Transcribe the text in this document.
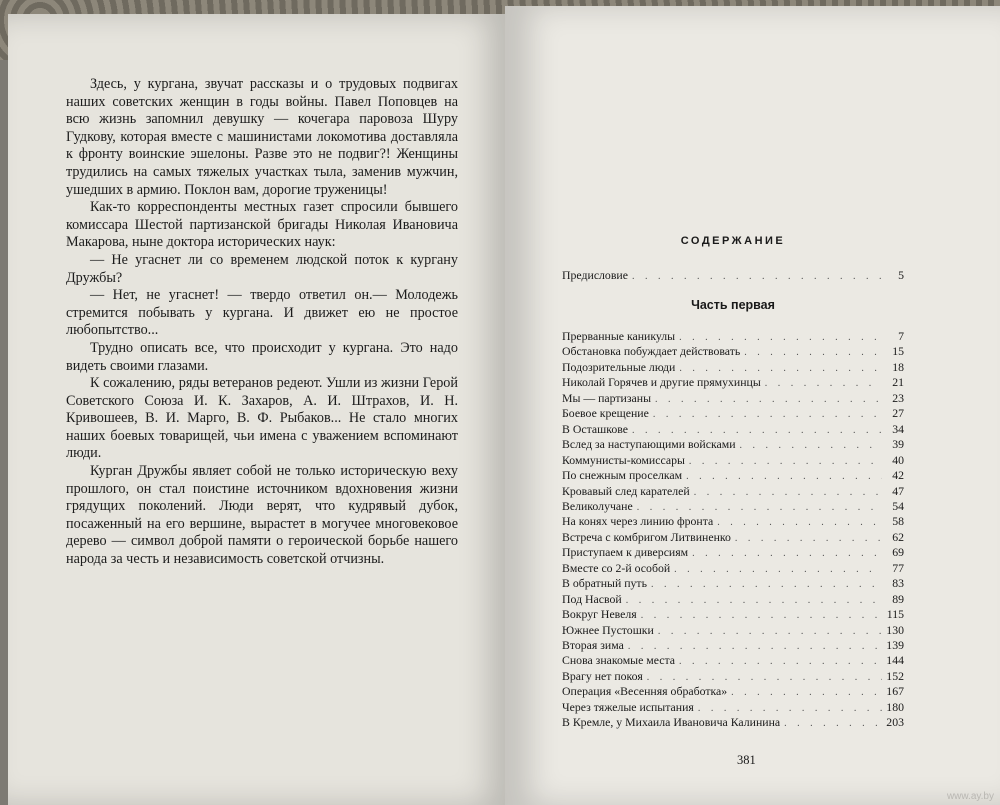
Здесь, у кургана, звучат рассказы и о трудовых подвигах наших советских женщин в годы войны. Павел Поповцев на всю жизнь запомнил девушку — кочегара паровоза Шуру Гудкову, которая вместе с машинистами локомотива доставляла к фронту воинские эшелоны. Разве это не подвиг?! Женщины трудились на самых тяжелых участках тыла, заменив мужчин, ушедших в армию. Поклон вам, дорогие труженицы!

Как-то корреспонденты местных газет спросили бывшего комиссара Шестой партизанской бригады Николая Ивановича Макарова, ныне доктора исторических наук:

— Не угаснет ли со временем людской поток к кургану Дружбы?

— Нет, не угаснет! — твердо ответил он.— Молодежь стремится побывать у кургана. И движет ею не простое любопытство...

Трудно описать все, что происходит у кургана. Это надо видеть своими глазами.

К сожалению, ряды ветеранов редеют. Ушли из жизни Герой Советского Союза И. К. Захаров, А. И. Штрахов, И. Н. Кривошеев, В. И. Марго, В. Ф. Рыбаков... Не стало многих наших боевых товарищей, чьи имена с уважением вспоминают люди.

Курган Дружбы являет собой не только историческую веху прошлого, он стал поистине источником вдохновения жизни грядущих поколений. Люди верят, что кудрявый дубок, посаженный на его вершине, вырастет в могучее многовековое дерево — символ доброй памяти о героической борьбе нашего народа за честь и независимость советской отчизны.

СОДЕРЖАНИЕ
Предисловие . . .	5
Часть первая
Прерванные каникулы . . .	7
Обстановка побуждает действовать . . .	15
Подозрительные люди . . .	18
Николай Горячев и другие прямухинцы . . .	21
Мы — партизаны . . .	23
Боевое крещение . . .	27
В Осташкове . . .	34
Вслед за наступающими войсками . . .	39
Коммунисты-комиссары . . .	40
По снежным проселкам . . .	42
Кровавый след карателей . . .	47
Великолучане . . .	54
На конях через линию фронта . . .	58
Встреча с комбригом Литвиненко . . .	62
Приступаем к диверсиям . . .	69
Вместе со 2-й особой . . .	77
В обратный путь . . .	83
Под Насвой . . .	89
Вокруг Невеля . . .	115
Южнее Пустошки . . .	130
Вторая зима . . .	139
Снова знакомые места . . .	144
Врагу нет покоя . . .	152
Операция «Весенняя обработка» . . .	167
Через тяжелые испытания . . .	180
В Кремле, у Михаила Ивановича Калинина . . .	203
381
www.ay.by
